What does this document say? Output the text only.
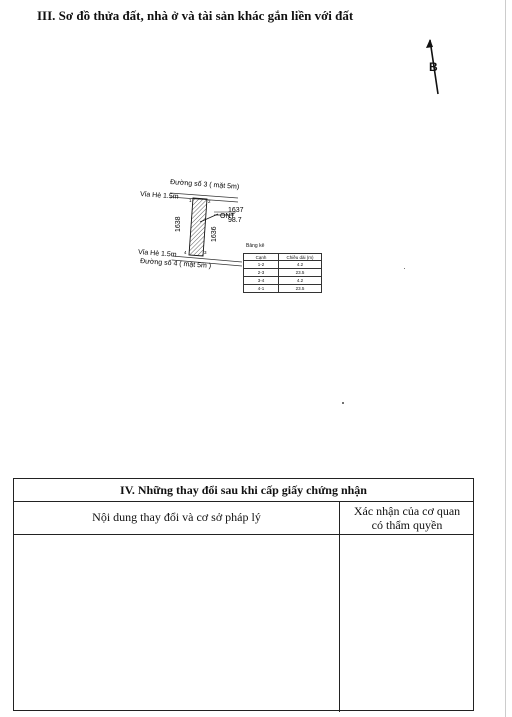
III. Sơ đồ thửa đất, nhà ở và tài sản khác gắn liền với đất
B
Đường số 3 ( mặt 5m)
Vỉa Hè 1.5m
Đường số 4 ( mặt 5m )
Vỉa Hè 1.5m
1637
ONT
98.7
1638
1636
1	2
3
4
Bảng kê
Cạnh	Chiều dài (m)
1-2	4.2
2-3	23.5
3-4	4.2
4-1	23.5
IV. Những thay đổi sau khi cấp giấy chứng nhận
Nội dung thay đổi và cơ sở pháp lý	Xác nhận của cơ quan
có thẩm quyền
